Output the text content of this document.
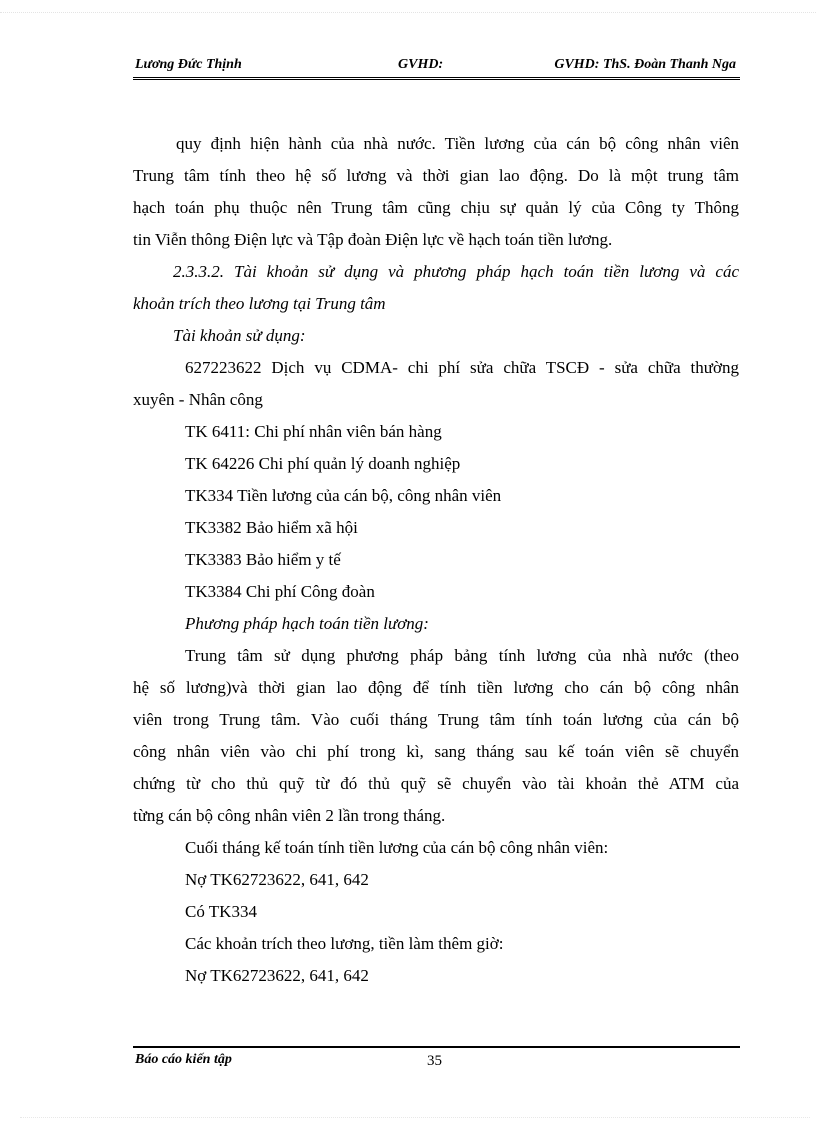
Lương Đức Thịnh	GVHD:	GVHD: ThS. Đoàn Thanh Nga
quy định hiện hành của nhà nước. Tiền lương của cán bộ công nhân viên
Trung tâm tính theo hệ số lương và thời gian lao động. Do là một trung tâm
hạch toán phụ thuộc nên Trung tâm cũng chịu sự quản lý của Công ty Thông
tin Viễn thông Điện lực và Tập đoàn Điện lực về hạch toán tiền lương.
2.3.3.2. Tài khoản sử dụng và phương pháp hạch toán tiền lương và các
khoản trích theo lương tại Trung tâm
Tài khoản sử dụng:
627223622 Dịch vụ CDMA- chi phí sửa chữa TSCĐ - sửa chữa thường
xuyên - Nhân công
TK 6411: Chi phí nhân viên bán hàng
TK 64226 Chi phí quản lý doanh nghiệp
TK334 Tiền lương của cán bộ, công nhân viên
TK3382 Bảo hiểm xã hội
TK3383 Bảo hiểm y tế
TK3384 Chi phí Công đoàn
Phương pháp hạch toán tiền lương:
Trung tâm sử dụng phương pháp bảng tính lương của nhà nước (theo
hệ số lương)và thời gian lao động để tính tiền lương cho cán bộ công nhân
viên trong Trung tâm. Vào cuối tháng Trung tâm tính toán lương của cán bộ
công nhân viên vào chi phí trong kì, sang tháng sau kế toán viên sẽ chuyển
chứng từ cho thủ quỹ từ đó thủ quỹ sẽ chuyển vào tài khoản thẻ ATM của
từng cán bộ công nhân viên 2 lần trong tháng.
Cuối tháng kế toán tính tiền lương của cán bộ công nhân viên:
Nợ TK62723622, 641, 642
Có TK334
Các khoản trích theo lương, tiền làm thêm giờ:
Nợ TK62723622, 641, 642
Báo cáo kiến tập	35
